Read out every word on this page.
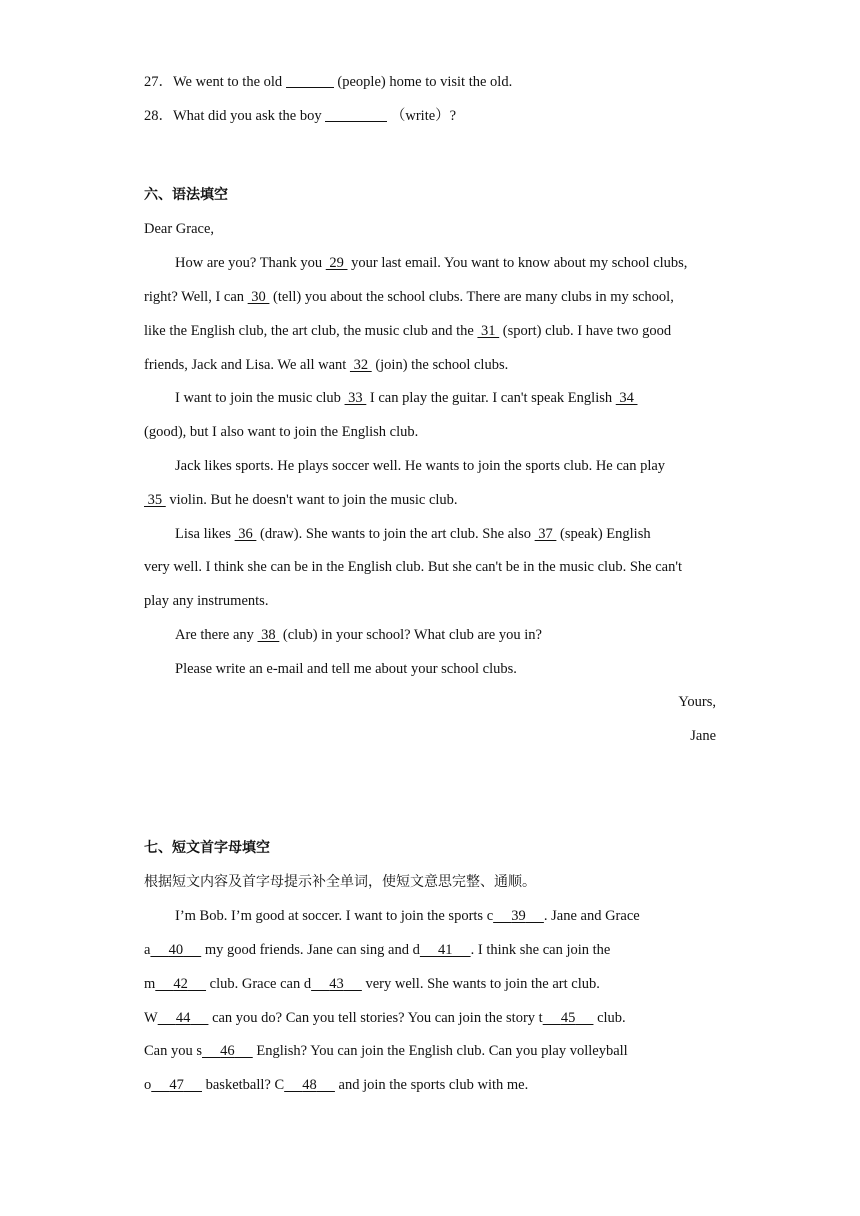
27．We went to the old	(people) home to visit the old.
28．What did you ask the boy	（write）?
六、语法填空
Dear Grace,
How are you? Thank you  29  your last email. You want to know about my school clubs,
right? Well, I can  30  (tell) you about the school clubs. There are many clubs in my school,
like the English club, the art club, the music club and the  31  (sport) club. I have two good
friends, Jack and Lisa. We all want  32  (join) the school clubs.
I want to join the music club  33  I can play the guitar. I can't speak English  34
(good), but I also want to join the English club.
Jack likes sports. He plays soccer well. He wants to join the sports club. He can play
35  violin. But he doesn't want to join the music club.
Lisa likes  36  (draw). She wants to join the art club. She also  37  (speak) English
very well. I think she can be in the English club. But she can't be in the music club. She can't
play any instruments.
Are there any  38  (club) in your school? What club are you in?
Please write an e-mail and tell me about your school clubs.
Yours,
Jane
七、短文首字母填空
根据短文内容及首字母提示补全单词，使短文意思完整、通顺。
I’m Bob. I’m good at soccer. I want to join the sports c 39 . Jane and Grace
a 40      my good friends. Jane can sing and d 41 . I think she can join the
m 42      club. Grace can d 43      very well. She wants to join the art club.
W 44      can you do? Can you tell stories? You can join the story t 45      club.
Can you s 46      English? You can join the English club. Can you play volleyball
o 47      basketball? C 48      and join the sports club with me.
